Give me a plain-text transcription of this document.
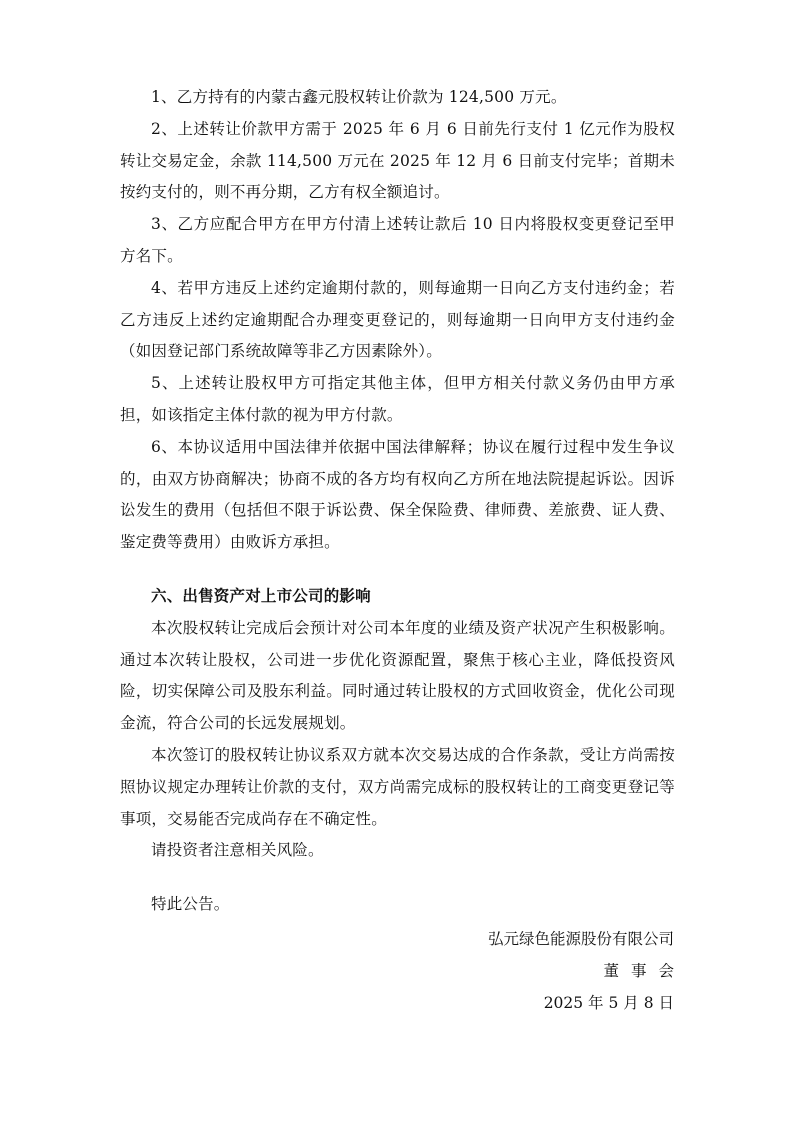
1、乙方持有的内蒙古鑫元股权转让价款为 124,500 万元。

2、上述转让价款甲方需于 2025 年 6 月 6 日前先行支付 1 亿元作为股权转让交易定金，余款 114,500 万元在 2025 年 12 月 6 日前支付完毕；首期未按约支付的，则不再分期，乙方有权全额追讨。

3、乙方应配合甲方在甲方付清上述转让款后 10 日内将股权变更登记至甲方名下。

4、若甲方违反上述约定逾期付款的，则每逾期一日向乙方支付违约金；若乙方违反上述约定逾期配合办理变更登记的，则每逾期一日向甲方支付违约金（如因登记部门系统故障等非乙方因素除外）。

5、上述转让股权甲方可指定其他主体，但甲方相关付款义务仍由甲方承担，如该指定主体付款的视为甲方付款。

6、本协议适用中国法律并依据中国法律解释；协议在履行过程中发生争议的，由双方协商解决；协商不成的各方均有权向乙方所在地法院提起诉讼。因诉讼发生的费用（包括但不限于诉讼费、保全保险费、律师费、差旅费、证人费、鉴定费等费用）由败诉方承担。

六、出售资产对上市公司的影响

本次股权转让完成后会预计对公司本年度的业绩及资产状况产生积极影响。通过本次转让股权，公司进一步优化资源配置，聚焦于核心主业，降低投资风险，切实保障公司及股东利益。同时通过转让股权的方式回收资金，优化公司现金流，符合公司的长远发展规划。

本次签订的股权转让协议系双方就本次交易达成的合作条款，受让方尚需按照协议规定办理转让价款的支付，双方尚需完成标的股权转让的工商变更登记等事项，交易能否完成尚存在不确定性。

请投资者注意相关风险。

特此公告。

弘元绿色能源股份有限公司
董事会
2025 年 5 月 8 日
